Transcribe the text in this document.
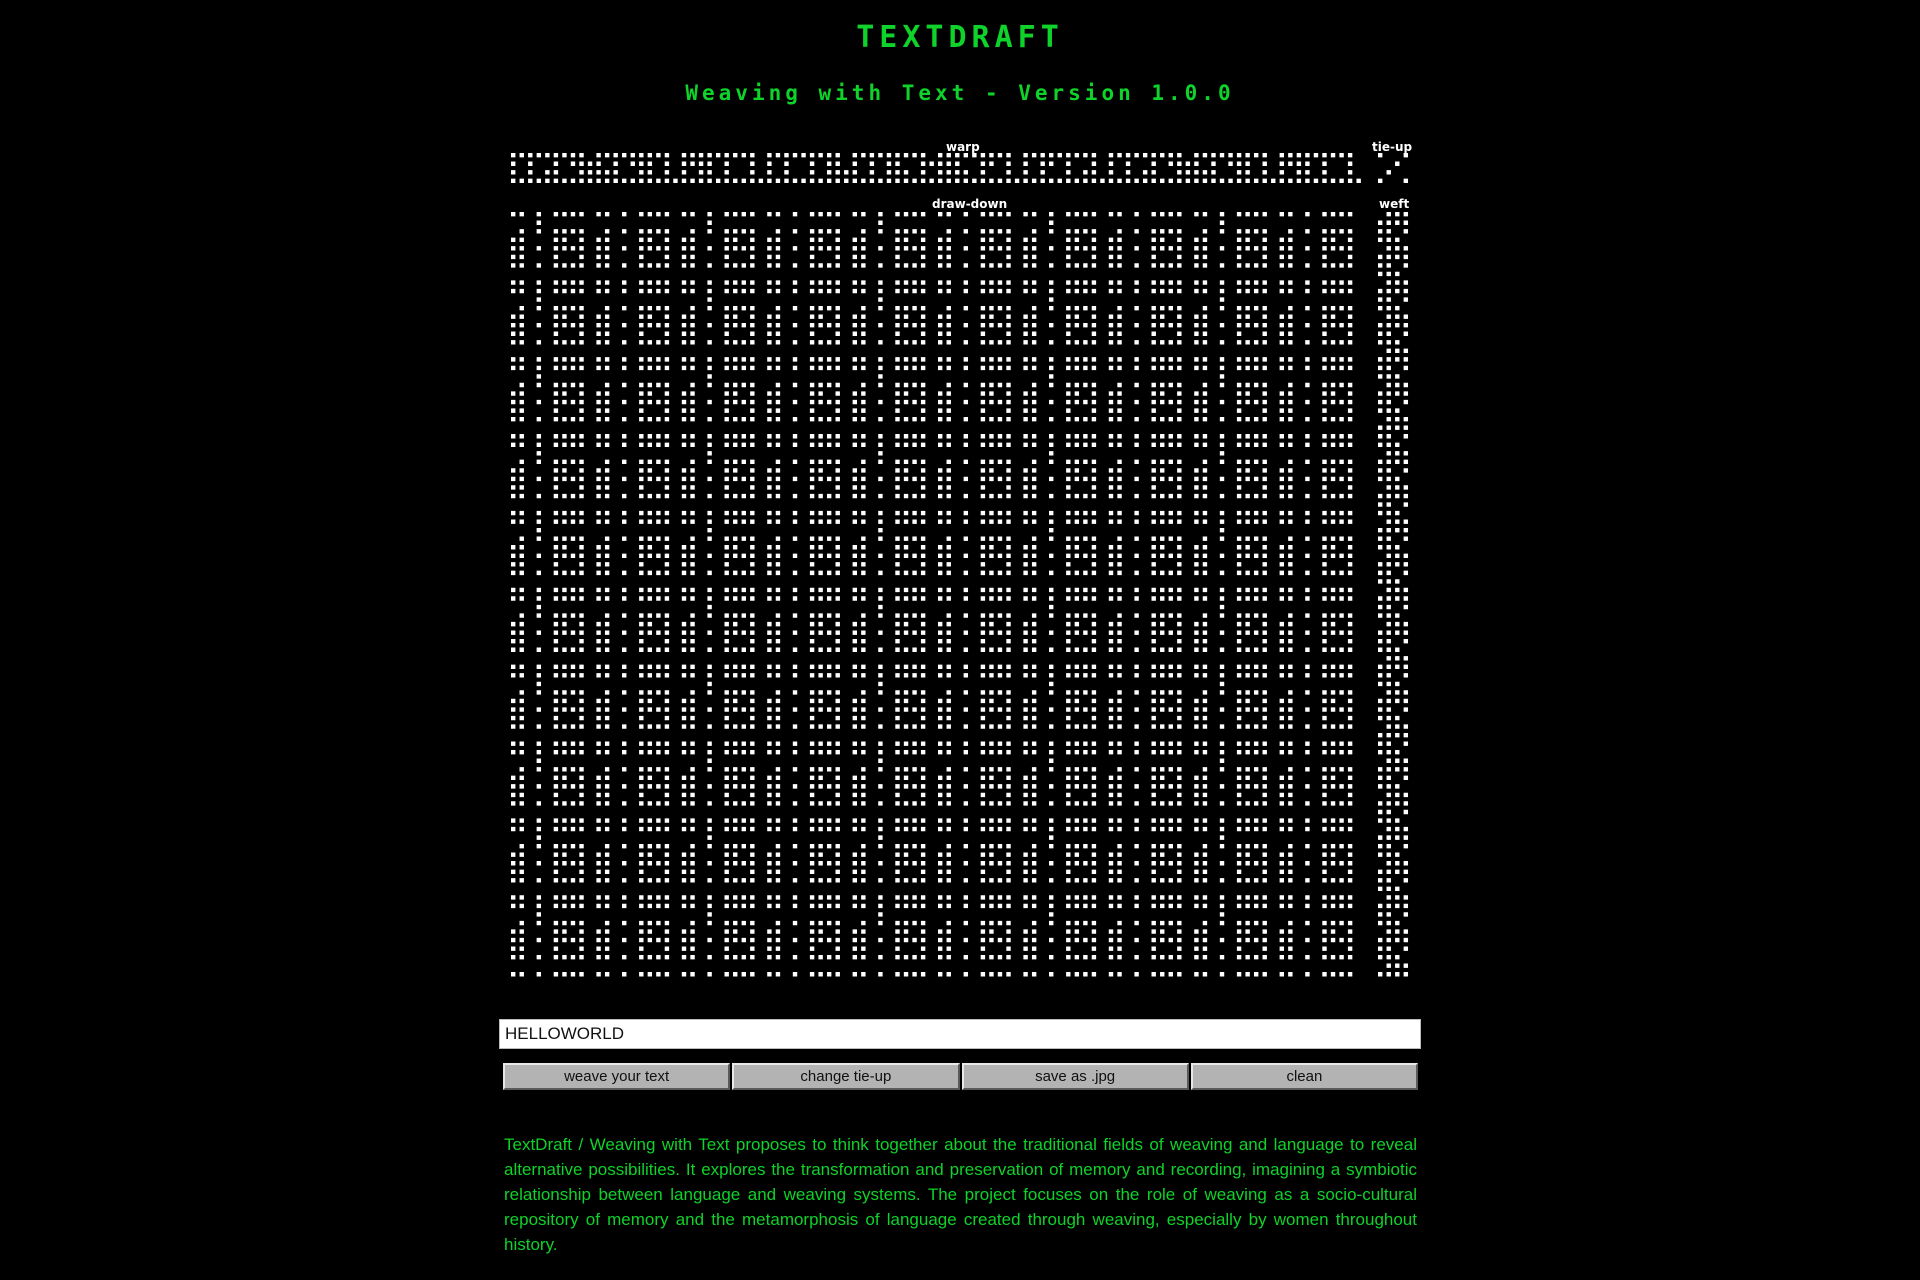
TEXTDRAFT
Weaving with Text - Version 1.0.0
warp	tie-up
draw-down	weft
HELLOWORLD
weave your text	change tie-up	save as .jpg	clean

TextDraft / Weaving with Text proposes to think together about the traditional fields of weaving and language to reveal alternative possibilities. It explores the transformation and preservation of memory and recording, imagining a symbiotic relationship between language and weaving systems. The project focuses on the role of weaving as a socio-cultural repository of memory and the metamorphosis of language created through weaving, especially by women throughout history.
